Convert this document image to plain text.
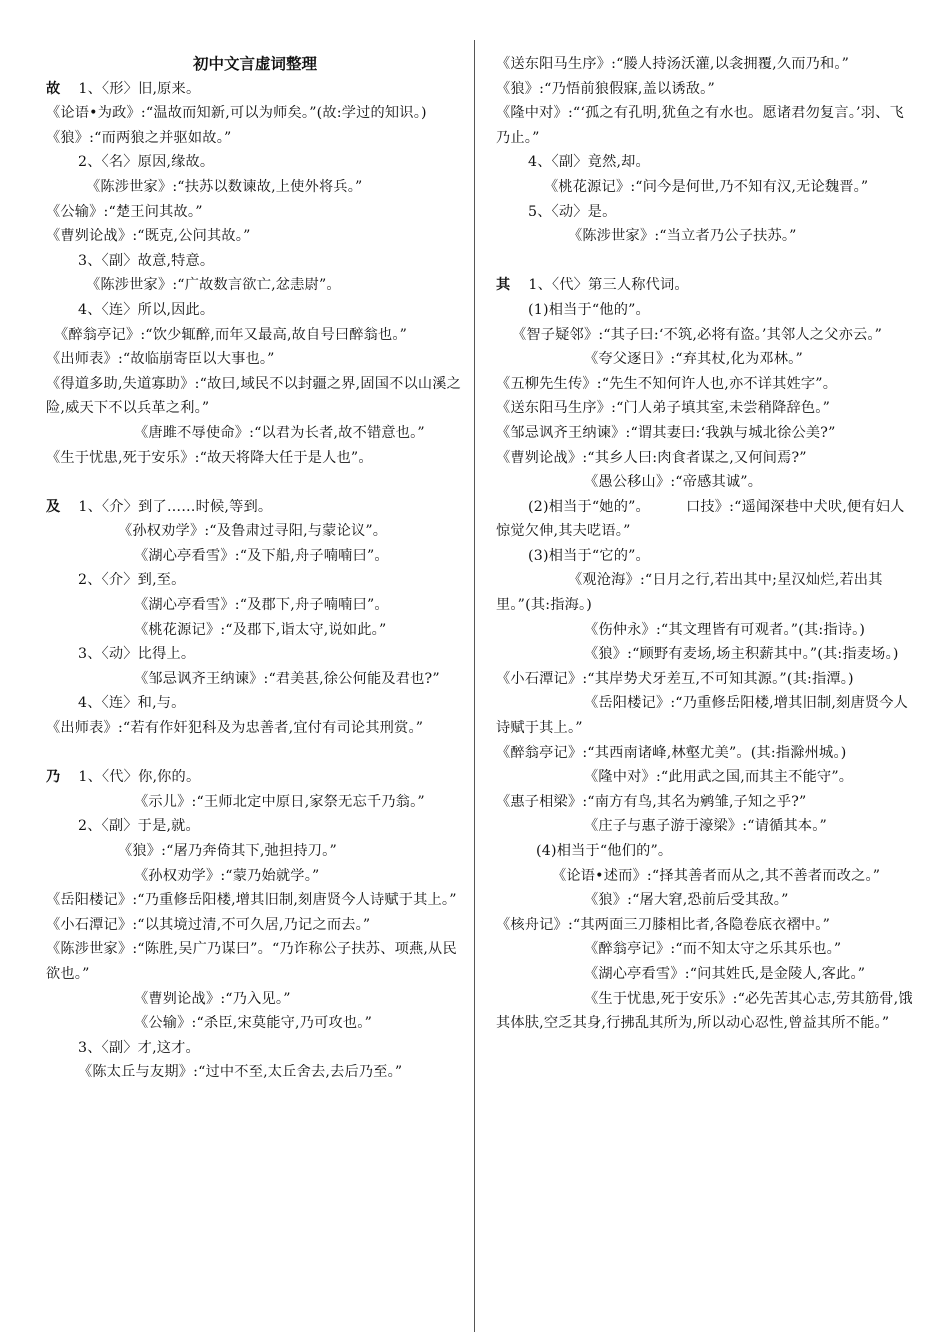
初中文言虚词整理
故 1、〈形〉旧,原来。
《论语•为政》:“温故而知新,可以为师矣。”(故:学过的知识。)
《狼》:“而两狼之并驱如故。”
2、〈名〉原因,缘故。
《陈涉世家》:“扶苏以数谏故,上使外将兵。”
《公输》:“楚王问其故。”
《曹刿论战》:“既克,公问其故。”
3、〈副〉故意,特意。
《陈涉世家》:“广故数言欲亡,忿恚尉”。
4、〈连〉所以,因此。
《醉翁亭记》:“饮少辄醉,而年又最高,故自号曰醉翁也。”
《出师表》:“故临崩寄臣以大事也。”
《得道多助,失道寡助》:“故曰,域民不以封疆之界,固国不以山溪之险,威天下不以兵革之利。”
《唐雎不辱使命》:“以君为长者,故不错意也。”
《生于忧患,死于安乐》:“故天将降大任于是人也”。
及 1、〈介〉到了……时候,等到。
《孙权劝学》:“及鲁肃过寻阳,与蒙论议”。
《湖心亭看雪》:“及下船,舟子喃喃曰”。
2、〈介〉到,至。
《湖心亭看雪》:“及郡下,舟子喃喃曰”。
《桃花源记》:“及郡下,诣太守,说如此。”
3、〈动〉比得上。
《邹忌讽齐王纳谏》:“君美甚,徐公何能及君也?”
4、〈连〉和,与。
《出师表》:“若有作奸犯科及为忠善者,宜付有司论其刑赏。”
乃 1、〈代〉你,你的。
《示儿》:“王师北定中原日,家祭无忘千乃翁。”
2、〈副〉于是,就。
《狼》:“屠乃奔倚其下,弛担持刀。”
《孙权劝学》:“蒙乃始就学。”
《岳阳楼记》:“乃重修岳阳楼,增其旧制,刻唐贤今人诗赋于其上。”
《小石潭记》:“以其境过清,不可久居,乃记之而去。”
《陈涉世家》:“陈胜,吴广乃谋曰”。“乃诈称公子扶苏、项燕,从民欲也。”
《曹刿论战》:“乃入见。”
《公输》:“杀臣,宋莫能守,乃可攻也。”
3、〈副〉才,这才。
《陈太丘与友期》:“过中不至,太丘舍去,去后乃至。”
《送东阳马生序》:“媵人持汤沃灌,以衾拥覆,久而乃和。”
《狼》:“乃悟前狼假寐,盖以诱敌。”
《隆中对》:“‘孤之有孔明,犹鱼之有水也。愿诸君勿复言。’羽、飞乃止。”
4、〈副〉竟然,却。
《桃花源记》:“问今是何世,乃不知有汉,无论魏晋。”
5、〈动〉是。
《陈涉世家》:“当立者乃公子扶苏。”
其 1、〈代〉第三人称代词。
(1)相当于“他的”。
《智子疑邻》:“其子曰:‘不筑,必将有盗。’其邻人之父亦云。”
《夸父逐日》:“弃其杖,化为邓林。”
《五柳先生传》:“先生不知何许人也,亦不详其姓字”。
《送东阳马生序》:“门人弟子填其室,未尝稍降辞色。”
《邹忌讽齐王纳谏》:“谓其妻曰:‘我孰与城北徐公美?”
《曹刿论战》:“其乡人曰:肉食者谋之,又何间焉?”
《愚公移山》:“帝感其诚”。
(2)相当于“她的”。　　　口技》:“遥闻深巷中犬吠,便有妇人惊觉欠伸,其夫呓语。”
(3)相当于“它的”。
《观沧海》:“日月之行,若出其中;星汉灿烂,若出其里。”(其:指海。)
《伤仲永》:“其文理皆有可观者。”(其:指诗。)
《狼》:“顾野有麦场,场主积薪其中。”(其:指麦场。)《小石潭记》:“其岸势犬牙差互,不可知其源。”(其:指潭。)
《岳阳楼记》:“乃重修岳阳楼,增其旧制,刻唐贤今人诗赋于其上。”
《醉翁亭记》:“其西南诸峰,林壑尤美”。(其:指滁州城。)
《隆中对》:“此用武之国,而其主不能守”。
《惠子相梁》:“南方有鸟,其名为鹓雏,子知之乎?”
《庄子与惠子游于濠梁》:“请循其本。”
(4)相当于“他们的”。
《论语•述而》:“择其善者而从之,其不善者而改之。”
《狼》:“屠大窘,恐前后受其敌。”
《核舟记》:“其两面三刀膝相比者,各隐卷底衣褶中。”
《醉翁亭记》:“而不知太守之乐其乐也。”
《湖心亭看雪》:“问其姓氏,是金陵人,客此。”
《生于忧患,死于安乐》:“必先苦其心志,劳其筋骨,饿其体肤,空乏其身,行拂乱其所为,所以动心忍性,曾益其所不能。”
